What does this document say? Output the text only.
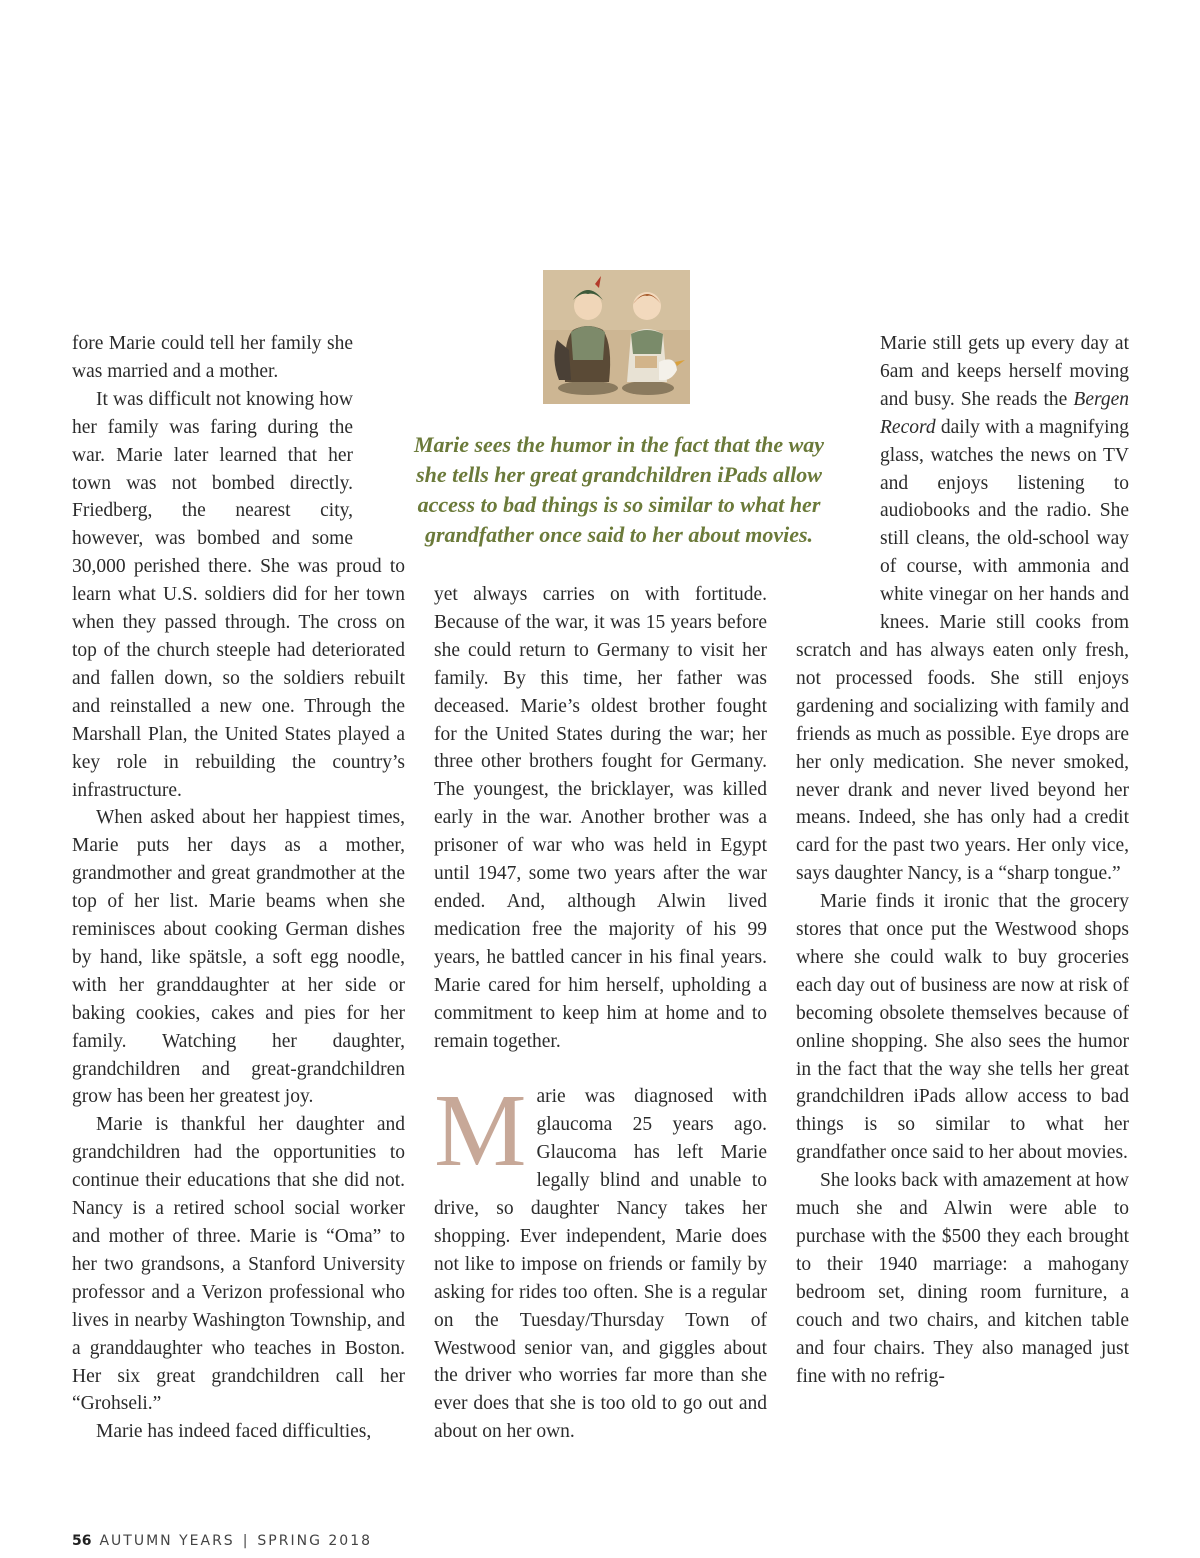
Marie sees the humor in the fact that the way she tells her great grandchildren iPads allow access to bad things is so similar to what her grandfather once said to her about movies.

fore Marie could tell her family she was married and a mother.

It was difficult not knowing how her family was faring during the war. Marie later learned that her town was not bombed directly. Friedberg, the nearest city, however, was bombed and some 30,000 perished there. She was proud to learn what U.S. soldiers did for her town when they passed through. The cross on top of the church steeple had deteriorated and fallen down, so the soldiers rebuilt and reinstalled a new one. Through the Marshall Plan, the United States played a key role in rebuilding the country’s infrastructure.

When asked about her happiest times, Marie puts her days as a mother, grandmother and great grandmother at the top of her list. Marie beams when she reminisces about cooking German dishes by hand, like spätsle, a soft egg noodle, with her granddaughter at her side or baking cookies, cakes and pies for her family. Watching her daughter, grandchildren and great-grandchildren grow has been her greatest joy.

Marie is thankful her daughter and grandchildren had the opportunities to continue their educations that she did not. Nancy is a retired school social worker and mother of three. Marie is “Oma” to her two grandsons, a Stanford University professor and a Verizon professional who lives in nearby Washington Township, and a granddaughter who teaches in Boston. Her six great grandchildren call her “Grohseli.”

Marie has indeed faced difficulties,

yet always carries on with fortitude. Because of the war, it was 15 years before she could return to Germany to visit her family. By this time, her father was deceased. Marie’s oldest brother fought for the United States during the war; her three other brothers fought for Germany. The youngest, the bricklayer, was killed early in the war. Another brother was a prisoner of war who was held in Egypt until 1947, some two years after the war ended. And, although Alwin lived medication free the majority of his 99 years, he battled cancer in his final years. Marie cared for him herself, upholding a commitment to keep him at home and to remain together.

Marie was diagnosed with glaucoma 25 years ago. Glaucoma has left Marie legally blind and unable to drive, so daughter Nancy takes her shopping. Ever independent, Marie does not like to impose on friends or family by asking for rides too often. She is a regular on the Tuesday/Thursday Town of Westwood senior van, and giggles about the driver who worries far more than she ever does that she is too old to go out and about on her own.

Marie still gets up every day at 6am and keeps herself moving and busy. She reads the Bergen Record daily with a magnifying glass, watches the news on TV and enjoys listening to audiobooks and the radio. She still cleans, the old-school way of course, with ammonia and white vinegar on her hands and knees. Marie still cooks from scratch and has always eaten only fresh, not processed foods. She still enjoys gardening and socializing with family and friends as much as possible. Eye drops are her only medication. She never smoked, never drank and never lived beyond her means. Indeed, she has only had a credit card for the past two years. Her only vice, says daughter Nancy, is a “sharp tongue.”

Marie finds it ironic that the grocery stores that once put the Westwood shops where she could walk to buy groceries each day out of business are now at risk of becoming obsolete themselves because of online shopping. She also sees the humor in the fact that the way she tells her great grandchildren iPads allow access to bad things is so similar to what her grandfather once said to her about movies.

She looks back with amazement at how much she and Alwin were able to purchase with the $500 they each brought to their 1940 marriage: a mahogany bedroom set, dining room furniture, a couch and two chairs, and kitchen table and four chairs. They also managed just fine with no refrig-

56 AUTUMN YEARS | SPRING 2018
